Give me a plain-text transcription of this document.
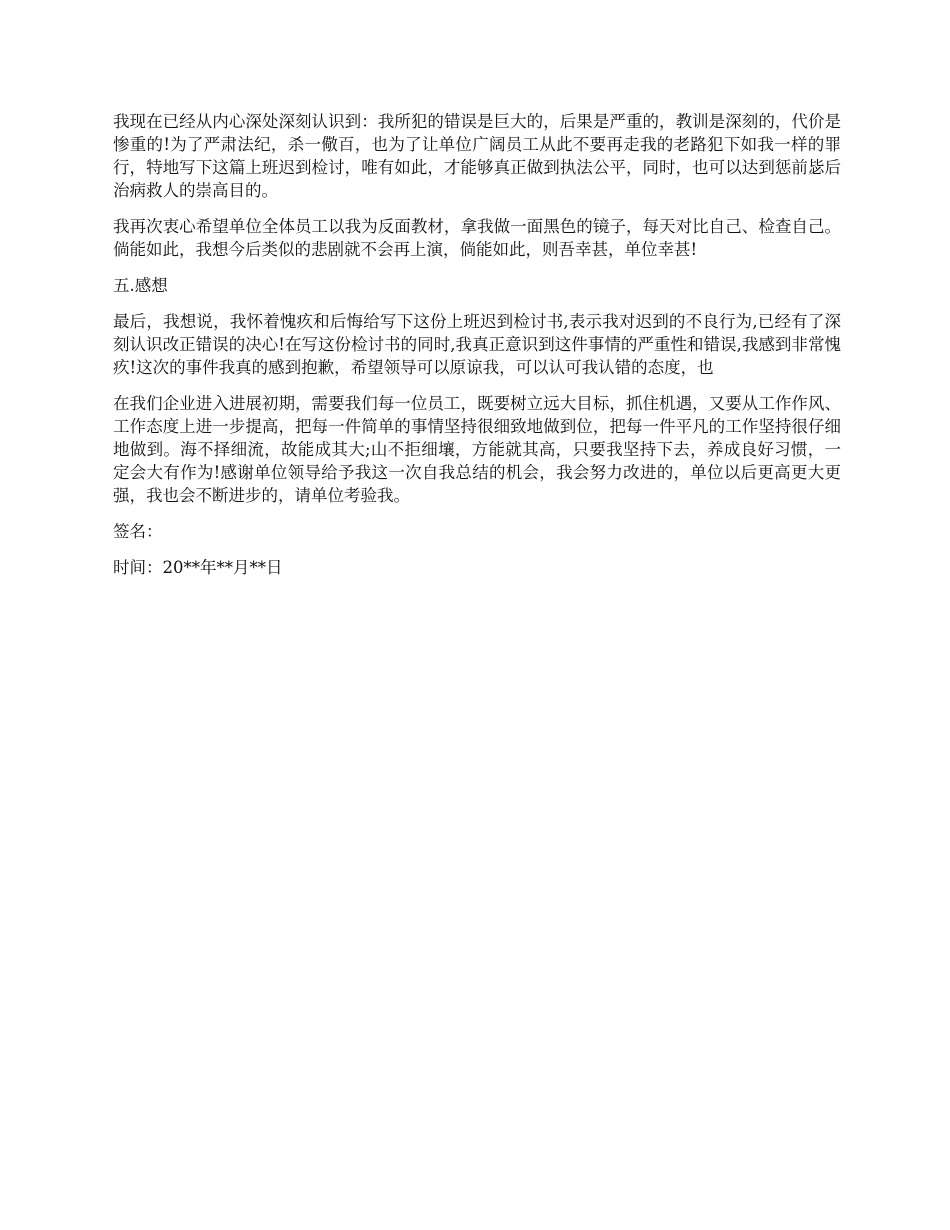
我现在已经从内心深处深刻认识到：我所犯的错误是巨大的，后果是严重的，教训是深刻的，代价是惨重的!为了严肃法纪，杀一儆百，也为了让单位广阔员工从此不要再走我的老路犯下如我一样的罪行，特地写下这篇上班迟到检讨，唯有如此，才能够真正做到执法公平，同时，也可以达到惩前毖后治病救人的崇高目的。

我再次衷心希望单位全体员工以我为反面教材，拿我做一面黑色的镜子，每天对比自己、检查自己。倘能如此，我想今后类似的悲剧就不会再上演，倘能如此，则吾幸甚，单位幸甚!

五.感想

最后，我想说，我怀着愧疚和后悔给写下这份上班迟到检讨书,表示我对迟到的不良行为,已经有了深刻认识改正错误的决心!在写这份检讨书的同时,我真正意识到这件事情的严重性和错误,我感到非常愧疚!这次的事件我真的感到抱歉，希望领导可以原谅我，可以认可我认错的态度，也

在我们企业进入进展初期，需要我们每一位员工，既要树立远大目标，抓住机遇，又要从工作作风、工作态度上进一步提高，把每一件简单的事情坚持很细致地做到位，把每一件平凡的工作坚持很仔细地做到。海不择细流，故能成其大;山不拒细壤，方能就其高，只要我坚持下去，养成良好习惯，一定会大有作为!感谢单位领导给予我这一次自我总结的机会，我会努力改进的，单位以后更高更大更强，我也会不断进步的，请单位考验我。

签名：

时间：20**年**月**日
